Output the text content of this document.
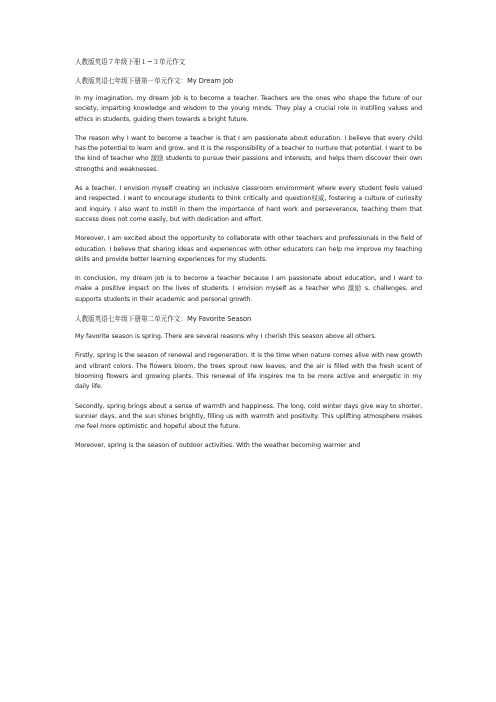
人教版英语７年级下册１~３单元作文
人教版英语七年级下册第一单元作文：My Dream Job

In my imagination, my dream job is to become a teacher. Teachers are the ones who shape the future of our society, imparting knowledge and wisdom to the young minds. They play a crucial role in instilling values and ethics in students, guiding them towards a bright future.

The reason why I want to become a teacher is that I am passionate about education. I believe that every child has the potential to learn and grow, and it is the responsibility of a teacher to nurture that potential. I want to be the kind of teacher who 激励 students to pursue their passions and interests, and helps them discover their own strengths and weaknesses.

As a teacher, I envision myself creating an inclusive classroom environment where every student feels valued and respected. I want to encourage students to think critically and question权威, fostering a culture of curiosity and inquiry. I also want to instill in them the importance of hard work and perseverance, teaching them that success does not come easily, but with dedication and effort.

Moreover, I am excited about the opportunity to collaborate with other teachers and professionals in the field of education. I believe that sharing ideas and experiences with other educators can help me improve my teaching skills and provide better learning experiences for my students.

In conclusion, my dream job is to become a teacher because I am passionate about education, and I want to make a positive impact on the lives of students. I envision myself as a teacher who 激励 s, challenges, and supports students in their academic and personal growth.

人教版英语七年级下册第二单元作文：My Favorite Season

My favorite season is spring. There are several reasons why I cherish this season above all others.

Firstly, spring is the season of renewal and regeneration. It is the time when nature comes alive with new growth and vibrant colors. The flowers bloom, the trees sprout new leaves, and the air is filled with the fresh scent of blooming flowers and growing plants. This renewal of life inspires me to be more active and energetic in my daily life.

Secondly, spring brings about a sense of warmth and happiness. The long, cold winter days give way to shorter, sunnier days, and the sun shines brightly, filling us with warmth and positivity. This uplifting atmosphere makes me feel more optimistic and hopeful about the future.

Moreover, spring is the season of outdoor activities. With the weather becoming warmer and
